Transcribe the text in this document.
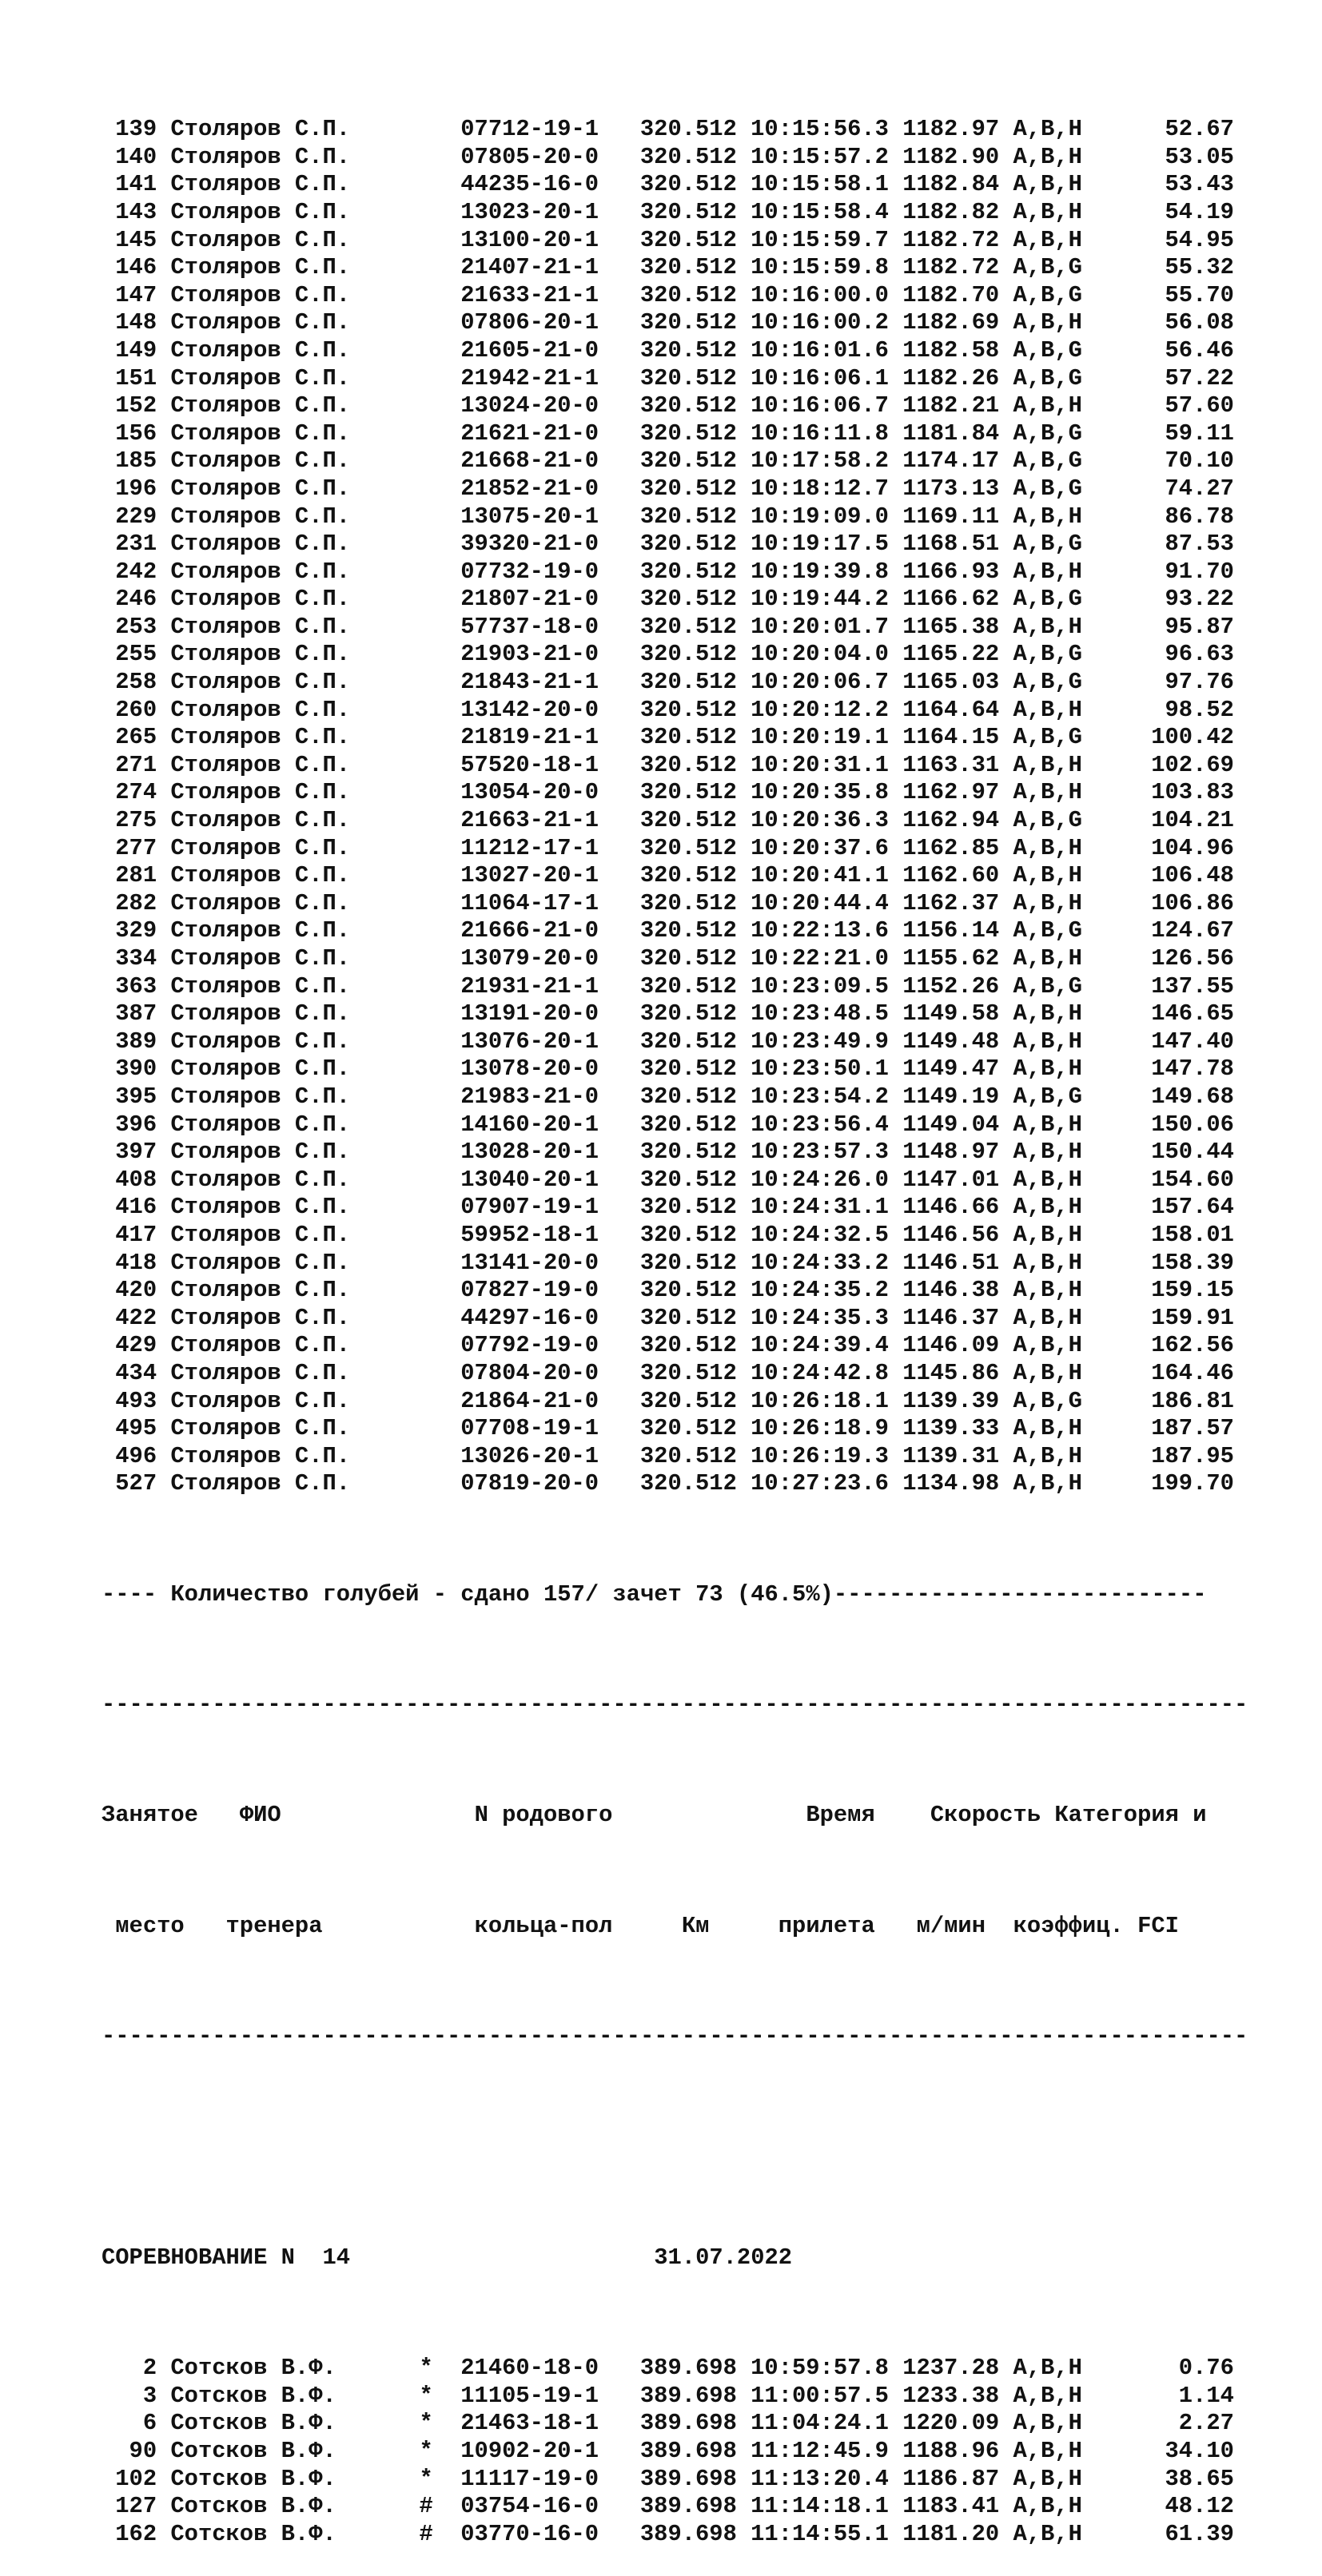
139 Столяров С.П.	07712-19-1 320.512 10:15:56.3 1182.97 A,B,H	52.67
140 Столяров С.П.	07805-20-0 320.512 10:15:57.2 1182.90 A,B,H	53.05
141 Столяров С.П.	44235-16-0 320.512 10:15:58.1 1182.84 A,B,H	53.43
143 Столяров С.П.	13023-20-1 320.512 10:15:58.4 1182.82 A,B,H	54.19
145 Столяров С.П.	13100-20-1 320.512 10:15:59.7 1182.72 A,B,H	54.95
146 Столяров С.П.	21407-21-1 320.512 10:15:59.8 1182.72 A,B,G	55.32
147 Столяров С.П.	21633-21-1 320.512 10:16:00.0 1182.70 A,B,G	55.70
148 Столяров С.П.	07806-20-1 320.512 10:16:00.2 1182.69 A,B,H	56.08
149 Столяров С.П.	21605-21-0 320.512 10:16:01.6 1182.58 A,B,G	56.46
151 Столяров С.П.	21942-21-1 320.512 10:16:06.1 1182.26 A,B,G	57.22
152 Столяров С.П.	13024-20-0 320.512 10:16:06.7 1182.21 A,B,H	57.60
156 Столяров С.П.	21621-21-0 320.512 10:16:11.8 1181.84 A,B,G	59.11
185 Столяров С.П.	21668-21-0 320.512 10:17:58.2 1174.17 A,B,G	70.10
196 Столяров С.П.	21852-21-0 320.512 10:18:12.7 1173.13 A,B,G	74.27
229 Столяров С.П.	13075-20-1 320.512 10:19:09.0 1169.11 A,B,H	86.78
231 Столяров С.П.	39320-21-0 320.512 10:19:17.5 1168.51 A,B,G	87.53
242 Столяров С.П.	07732-19-0 320.512 10:19:39.8 1166.93 A,B,H	91.70
246 Столяров С.П.	21807-21-0 320.512 10:19:44.2 1166.62 A,B,G	93.22
253 Столяров С.П.	57737-18-0 320.512 10:20:01.7 1165.38 A,B,H	95.87
255 Столяров С.П.	21903-21-0 320.512 10:20:04.0 1165.22 A,B,G	96.63
258 Столяров С.П.	21843-21-1 320.512 10:20:06.7 1165.03 A,B,G	97.76
260 Столяров С.П.	13142-20-0 320.512 10:20:12.2 1164.64 A,B,H	98.52
265 Столяров С.П.	21819-21-1 320.512 10:20:19.1 1164.15 A,B,G	100.42
271 Столяров С.П.	57520-18-1 320.512 10:20:31.1 1163.31 A,B,H	102.69
274 Столяров С.П.	13054-20-0 320.512 10:20:35.8 1162.97 A,B,H	103.83
275 Столяров С.П.	21663-21-1 320.512 10:20:36.3 1162.94 A,B,G	104.21
277 Столяров С.П.	11212-17-1 320.512 10:20:37.6 1162.85 A,B,H	104.96
281 Столяров С.П.	13027-20-1 320.512 10:20:41.1 1162.60 A,B,H	106.48
282 Столяров С.П.	11064-17-1 320.512 10:20:44.4 1162.37 A,B,H	106.86
329 Столяров С.П.	21666-21-0 320.512 10:22:13.6 1156.14 A,B,G	124.67
334 Столяров С.П.	13079-20-0 320.512 10:22:21.0 1155.62 A,B,H	126.56
363 Столяров С.П.	21931-21-1 320.512 10:23:09.5 1152.26 A,B,G	137.55
387 Столяров С.П.	13191-20-0 320.512 10:23:48.5 1149.58 A,B,H	146.65
389 Столяров С.П.	13076-20-1 320.512 10:23:49.9 1149.48 A,B,H	147.40
390 Столяров С.П.	13078-20-0 320.512 10:23:50.1 1149.47 A,B,H	147.78
395 Столяров С.П.	21983-21-0 320.512 10:23:54.2 1149.19 A,B,G	149.68
396 Столяров С.П.	14160-20-1 320.512 10:23:56.4 1149.04 A,B,H	150.06
397 Столяров С.П.	13028-20-1 320.512 10:23:57.3 1148.97 A,B,H	150.44
408 Столяров С.П.	13040-20-1 320.512 10:24:26.0 1147.01 A,B,H	154.60
416 Столяров С.П.	07907-19-1 320.512 10:24:31.1 1146.66 A,B,H	157.64
417 Столяров С.П.	59952-18-1 320.512 10:24:32.5 1146.56 A,B,H	158.01
418 Столяров С.П.	13141-20-0 320.512 10:24:33.2 1146.51 A,B,H	158.39
420 Столяров С.П.	07827-19-0 320.512 10:24:35.2 1146.38 A,B,H	159.15
422 Столяров С.П.	44297-16-0 320.512 10:24:35.3 1146.37 A,B,H	159.91
429 Столяров С.П.	07792-19-0 320.512 10:24:39.4 1146.09 A,B,H	162.56
434 Столяров С.П.	07804-20-0 320.512 10:24:42.8 1145.86 A,B,H	164.46
493 Столяров С.П.	21864-21-0 320.512 10:26:18.1 1139.39 A,B,G	186.81
495 Столяров С.П.	07708-19-1 320.512 10:26:18.9 1139.33 A,B,H	187.57
496 Столяров С.П.	13026-20-1 320.512 10:26:19.3 1139.31 A,B,H	187.95
527 Столяров С.П.	07819-20-0 320.512 10:27:23.6 1134.98 A,B,H	199.70

---- Количество голубей - сдано 157/ зачет 73 (46.5%)---------------------------

-----------------------------------------------------------------------------------

Занятое ФИО	N родового	Время Скорость Категория и

место тренера	кольца-пол	Км	прилета м/мин коэффиц. FCI

-----------------------------------------------------------------------------------

СОРЕВНОВАНИЕ N 14	31.07.2022

2 Сотсков В.Ф.	* 21460-18-0 389.698 10:59:57.8 1237.28 A,B,H	0.76
3 Сотсков В.Ф.	* 11105-19-1 389.698 11:00:57.5 1233.38 A,B,H	1.14
6 Сотсков В.Ф.	* 21463-18-1 389.698 11:04:24.1 1220.09 A,B,H	2.27
90 Сотсков В.Ф.	* 10902-20-1 389.698 11:12:45.9 1188.96 A,B,H	34.10
102 Сотсков В.Ф.	* 11117-19-0 389.698 11:13:20.4 1186.87 A,B,H	38.65
127 Сотсков В.Ф.	# 03754-16-0 389.698 11:14:18.1 1183.41 A,B,H	48.12
162 Сотсков В.Ф.	# 03770-16-0 389.698 11:14:55.1 1181.20 A,B,H	61.39
